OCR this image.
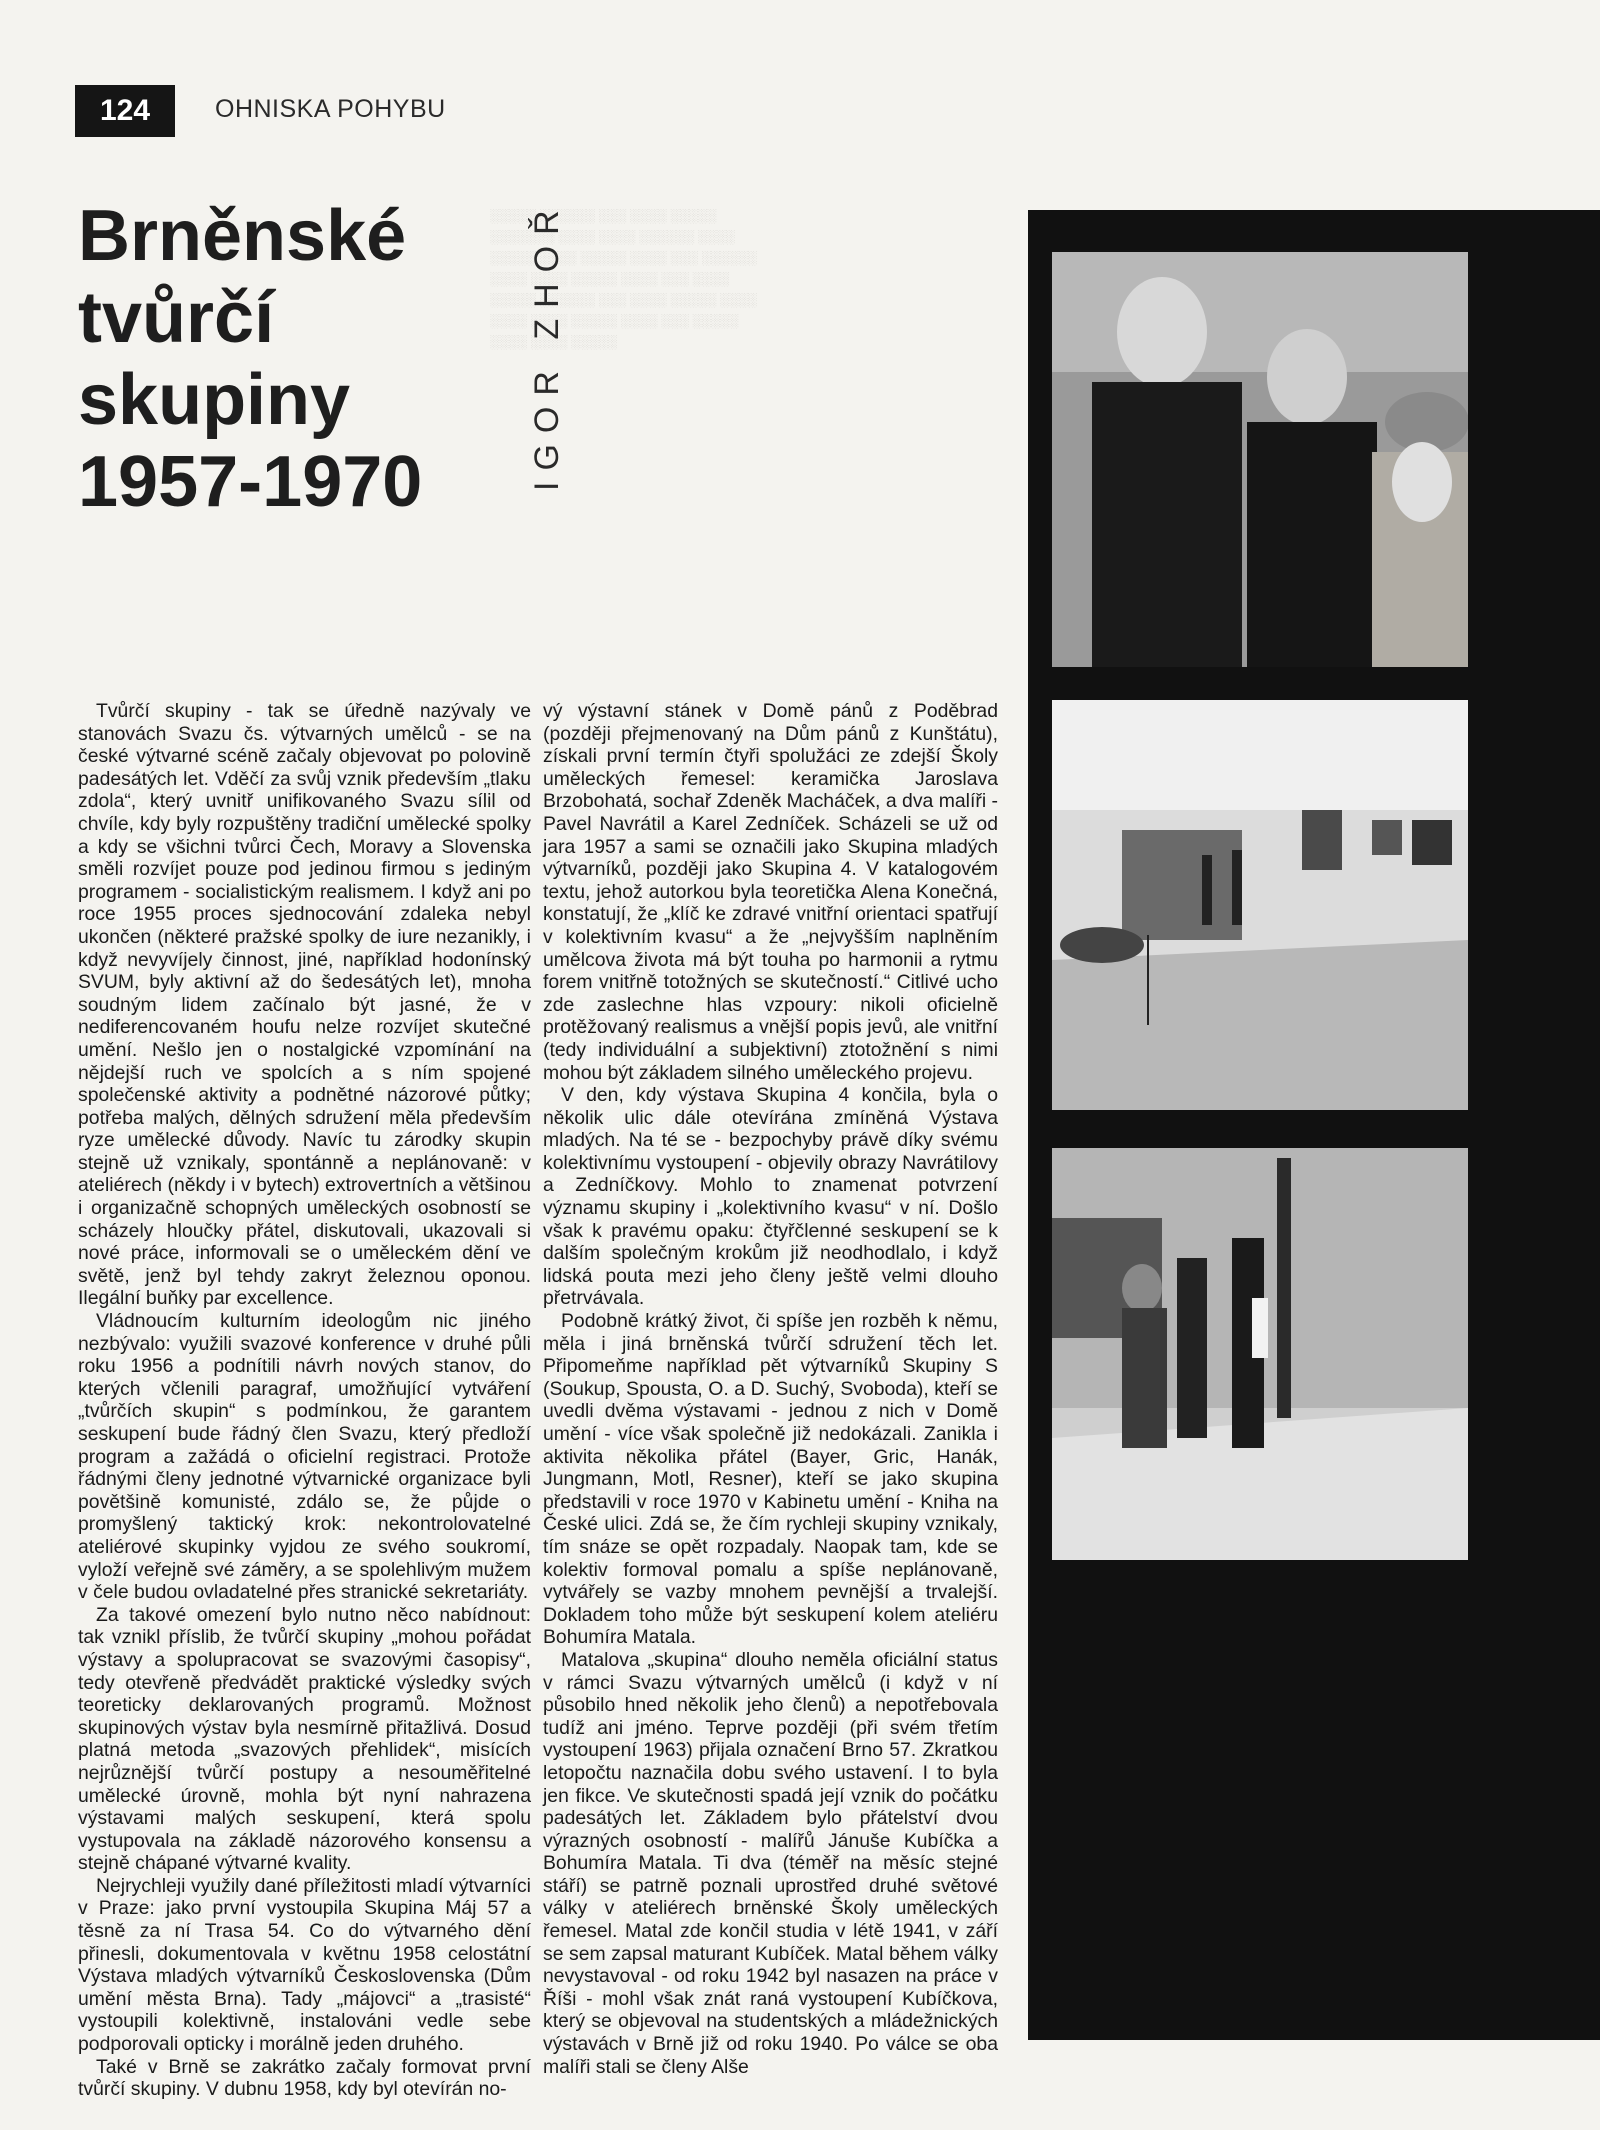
124	OHNISKA POHYBU
░░░░░ ░░░░░░ ░░░ ░░░░ ░░░░░ ░░░░░░░ ░░░░ ░░░░ ░░░░░░ ░░░░ ░░░░░ ░░░░ ░░░░░ ░░░░ ░░░ ░░░░░░ ░░░░ ░░░░ ░░░░░ ░░░░ ░░░ ░░░░ ░░░░░ ░░░░░░ ░░░ ░░░░ ░░░░░ ░░░░ ░░░░ ░░░░ ░░░░░ ░░░░ ░░░ ░░░░░ ░░░░ ░░░░ ░░░░░
Brněnské
tvůrčí
skupiny
1957-1970	IGOR ZHOŘ

Tvůrčí skupiny - tak se úředně nazývaly ve stanovách Svazu čs. výtvarných umělců - se na české výtvarné scéně začaly objevovat po polovině padesátých let. Vděčí za svůj vznik především „tlaku zdola“, který uvnitř unifikovaného Svazu sílil od chvíle, kdy byly rozpuštěny tradiční umělecké spolky a kdy se všichni tvůrci Čech, Moravy a Slovenska směli rozvíjet pouze pod jedinou firmou s jediným programem - socialistickým realismem. I když ani po roce 1955 proces sjednocování zdaleka nebyl ukončen (některé pražské spolky de iure nezanikly, i když nevyvíjely činnost, jiné, například hodonínský SVUM, byly aktivní až do šedesátých let), mnoha soudným lidem začínalo být jasné, že v nediferencovaném houfu nelze rozvíjet skutečné umění. Nešlo jen o nostalgické vzpomínání na nějdejší ruch ve spolcích a s ním spojené společenské aktivity a podnětné názorové půtky; potřeba malých, dělných sdružení měla především ryze umělecké důvody. Navíc tu zárodky skupin stejně už vznikaly, spontánně a neplánovaně: v ateliérech (někdy i v bytech) extrovertních a většinou i organizačně schopných uměleckých osobností se scházely hloučky přátel, diskutovali, ukazovali si nové práce, informovali se o uměleckém dění ve světě, jenž byl tehdy zakryt železnou oponou. Ilegální buňky par excellence.

Vládnoucím kulturním ideologům nic jiného nezbývalo: využili svazové konference v druhé půli roku 1956 a podnítili návrh nových stanov, do kterých včlenili paragraf, umožňující vytváření „tvůrčích skupin“ s podmínkou, že garantem seskupení bude řádný člen Svazu, který předloží program a zažádá o oficielní registraci. Protože řádnými členy jednotné výtvarnické organizace byli povětšině komunisté, zdálo se, že půjde o promyšlený taktický krok: nekontrolovatelné ateliérové skupinky vyjdou ze svého soukromí, vyloží veřejně své záměry, a se spolehlivým mužem v čele budou ovladatelné přes stranické sekretariáty.

Za takové omezení bylo nutno něco nabídnout: tak vznikl příslib, že tvůrčí skupiny „mohou pořádat výstavy a spolupracovat se svazovými časopisy“, tedy otevřeně předvádět praktické výsledky svých teoreticky deklarovaných programů. Možnost skupinových výstav byla nesmírně přitažlivá. Dosud platná metoda „svazových přehlidek“, misících nejrůznější tvůrčí postupy a nesouměřitelné umělecké úrovně, mohla být nyní nahrazena výstavami malých seskupení, která spolu vystupovala na základě názorového konsensu a stejně chápané výtvarné kvality.

Nejrychleji využily dané příležitosti mladí výtvarníci v Praze: jako první vystoupila Skupina Máj 57 a těsně za ní Trasa 54. Co do výtvarného dění přinesli, dokumentovala v květnu 1958 celostátní Výstava mladých výtvarníků Československa (Dům umění města Brna). Tady „májovci“ a „trasisté“ vystoupili kolektivně, instalováni vedle sebe podporovali opticky i morálně jeden druhého.

Také v Brně se zakrátko začaly formovat první tvůrčí skupiny. V dubnu 1958, kdy byl otevírán no-

vý výstavní stánek v Domě pánů z Poděbrad (později přejmenovaný na Dům pánů z Kunštátu), získali první termín čtyři spolužáci ze zdejší Školy uměleckých řemesel: keramička Jaroslava Brzobohatá, sochař Zdeněk Macháček, a dva malíři - Pavel Navrátil a Karel Zedníček. Scházeli se už od jara 1957 a sami se označili jako Skupina mladých výtvarníků, později jako Skupina 4. V katalogovém textu, jehož autorkou byla teoretička Alena Konečná, konstatují, že „klíč ke zdravé vnitřní orientaci spatřují v kolektivním kvasu“ a že „nejvyšším naplněním umělcova života má být touha po harmonii a rytmu forem vnitřně totožných se skutečností.“ Citlivé ucho zde zaslechne hlas vzpoury: nikoli oficielně protěžovaný realismus a vnější popis jevů, ale vnitřní (tedy individuální a subjektivní) ztotožnění s nimi mohou být základem silného uměleckého projevu.

V den, kdy výstava Skupina 4 končila, byla o několik ulic dále otevírána zmíněná Výstava mladých. Na té se - bezpochyby právě díky svému kolektivnímu vystoupení - objevily obrazy Navrátilovy a Zedníčkovy. Mohlo to znamenat potvrzení významu skupiny i „kolektivního kvasu“ v ní. Došlo však k pravému opaku: čtyřčlenné seskupení se k dalším společným krokům již neodhodlalo, i když lidská pouta mezi jeho členy ještě velmi dlouho přetrvávala.

Podobně krátký život, či spíše jen rozběh k němu, měla i jiná brněnská tvůrčí sdružení těch let. Připomeňme například pět výtvarníků Skupiny S (Soukup, Spousta, O. a D. Suchý, Svoboda), kteří se uvedli dvěma výstavami - jednou z nich v Domě umění - více však společně již nedokázali. Zanikla i aktivita několika přátel (Bayer, Gric, Hanák, Jungmann, Motl, Resner), kteří se jako skupina představili v roce 1970 v Kabinetu umění - Kniha na České ulici. Zdá se, že čím rychleji skupiny vznikaly, tím snáze se opět rozpadaly. Naopak tam, kde se kolektiv formoval pomalu a spíše neplánovaně, vytvářely se vazby mnohem pevnější a trvalejší. Dokladem toho může být seskupení kolem ateliéru Bohumíra Matala.

Matalova „skupina“ dlouho neměla oficiální status v rámci Svazu výtvarných umělců (i když v ní působilo hned několik jeho členů) a nepotřebovala tudíž ani jméno. Teprve později (při svém třetím vystoupení 1963) přijala označení Brno 57. Zkratkou letopočtu naznačila dobu svého ustavení. I to byla jen fikce. Ve skutečnosti spadá její vznik do počátku padesátých let. Základem bylo přátelství dvou výrazných osobností - malířů Jánuše Kubíčka a Bohumíra Matala. Ti dva (téměř na měsíc stejné stáří) se patrně poznali uprostřed druhé světové války v ateliérech brněnské Školy uměleckých řemesel. Matal zde končil studia v létě 1941, v září se sem zapsal maturant Kubíček. Matal během války nevystavoval - od roku 1942 byl nasazen na práce v Říši - mohl však znát raná vystoupení Kubíčkova, který se objevoval na studentských a mládežnických výstavách v Brně již od roku 1940. Po válce se oba malíři stali se členy Alše
